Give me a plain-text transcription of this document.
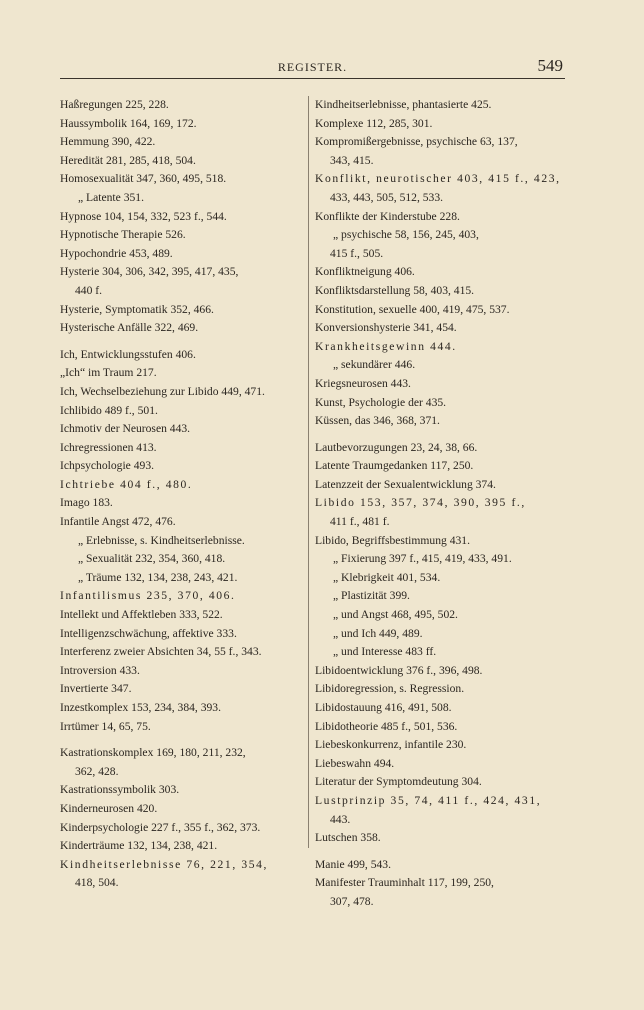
REGISTER.	549
Haßregungen 225, 228.
Haussymbolik 164, 169, 172.
Hemmung 390, 422.
Heredität 281, 285, 418, 504.
Homosexualität 347, 360, 495, 518.
„ Latente 351.
Hypnose 104, 154, 332, 523 f., 544.
Hypnotische Therapie 526.
Hypochondrie 453, 489.
Hysterie 304, 306, 342, 395, 417, 435,
440 f.
Hysterie, Symptomatik 352, 466.
Hysterische Anfälle 322, 469.
Ich, Entwicklungsstufen 406.
„Ich“ im Traum 217.
Ich, Wechselbeziehung zur Libido 449, 471.
Ichlibido 489 f., 501.
Ichmotiv der Neurosen 443.
Ichregressionen 413.
Ichpsychologie 493.
Ichtriebe 404 f., 480.
Imago 183.
Infantile Angst 472, 476.
„ Erlebnisse, s. Kindheitserlebnisse.
„ Sexualität 232, 354, 360, 418.
„ Träume 132, 134, 238, 243, 421.
Infantilismus 235, 370, 406.
Intellekt und Affektleben 333, 522.
Intelligenzschwächung, affektive 333.
Interferenz zweier Absichten 34, 55 f., 343.
Introversion 433.
Invertierte 347.
Inzestkomplex 153, 234, 384, 393.
Irrtümer 14, 65, 75.
Kastrationskomplex 169, 180, 211, 232,
362, 428.
Kastrationssymbolik 303.
Kinderneurosen 420.
Kinderpsychologie 227 f., 355 f., 362, 373.
Kinderträume 132, 134, 238, 421.
Kindheitserlebnisse 76, 221, 354,
418, 504.
Kindheitserlebnisse, phantasierte 425.
Komplexe 112, 285, 301.
Kompromißergebnisse, psychische 63, 137,
343, 415.
Konflikt, neurotischer 403, 415 f., 423,
433, 443, 505, 512, 533.
Konflikte der Kinderstube 228.
„ psychische 58, 156, 245, 403,
415 f., 505.
Konfliktneigung 406.
Konfliktsdarstellung 58, 403, 415.
Konstitution, sexuelle 400, 419, 475, 537.
Konversionshysterie 341, 454.
Krankheitsgewinn 444.
„ sekundärer 446.
Kriegsneurosen 443.
Kunst, Psychologie der 435.
Küssen, das 346, 368, 371.
Lautbevorzugungen 23, 24, 38, 66.
Latente Traumgedanken 117, 250.
Latenzzeit der Sexualentwicklung 374.
Libido 153, 357, 374, 390, 395 f.,
411 f., 481 f.
Libido, Begriffsbestimmung 431.
„ Fixierung 397 f., 415, 419, 433, 491.
„ Klebrigkeit 401, 534.
„ Plastizität 399.
„ und Angst 468, 495, 502.
„ und Ich 449, 489.
„ und Interesse 483 ff.
Libidoentwicklung 376 f., 396, 498.
Libidoregression, s. Regression.
Libidostauung 416, 491, 508.
Libidotheorie 485 f., 501, 536.
Liebeskonkurrenz, infantile 230.
Liebeswahn 494.
Literatur der Symptomdeutung 304.
Lustprinzip 35, 74, 411 f., 424, 431,
443.
Lutschen 358.
Manie 499, 543.
Manifester Trauminhalt 117, 199, 250,
307, 478.
